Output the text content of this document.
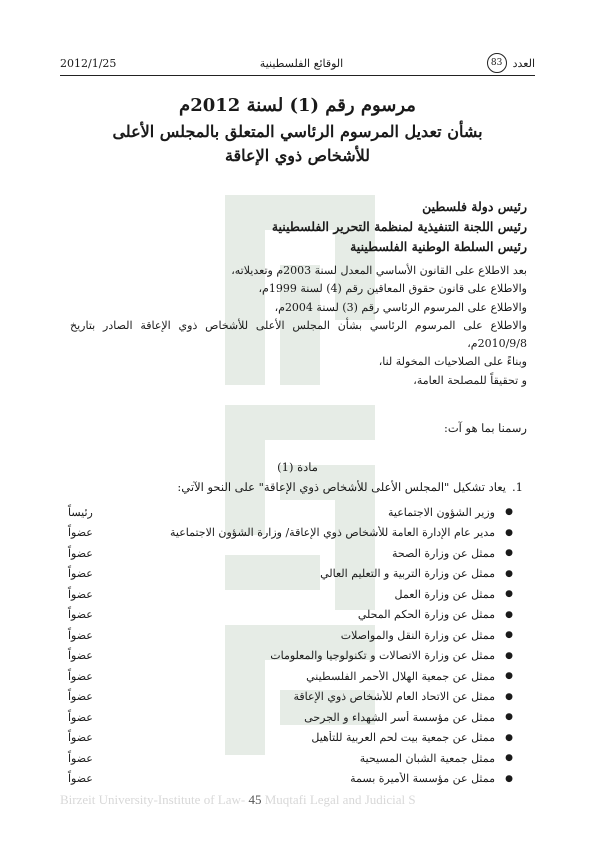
العدد
83
الوقائع الفلسطينية
2012/1/25
مرسوم رقم (1) لسنة 2012م
بشأن تعديل المرسوم الرئاسي المتعلق بالمجلس الأعلى
للأشخاص ذوي الإعاقة
رئيس دولة فلسطين
رئيس اللجنة التنفيذية لمنظمة التحرير الفلسطينية
رئيس السلطة الوطنية الفلسطينية
بعد الاطلاع على القانون الأساسي المعدل لسنة 2003م وتعديلاته،
والاطلاع على قانون حقوق المعاقين رقم (4) لسنة 1999م،
والاطلاع على المرسوم الرئاسي رقم (3) لسنة 2004م،
والاطلاع على المرسوم الرئاسي بشأن المجلس الأعلى للأشخاص ذوي الإعاقة الصادر بتاريخ 2010/9/8م،
وبناءً على الصلاحيات المخولة لنا،
و تحقيقاً للمصلحة العامة،
رسمنا بما هو آت:
مادة (1)
1.يعاد تشكيل "المجلس الأعلى للأشخاص ذوي الإعاقة" على النحو الآتي:
●
وزير الشؤون الاجتماعية
رئيساً
●
مدير عام الإدارة العامة للأشخاص ذوي الإعاقة/ وزارة الشؤون الاجتماعية
عضواً
●
ممثل عن وزارة الصحة
عضواً
●
ممثل عن وزارة التربية و التعليم العالي
عضواً
●
ممثل عن وزارة العمل
عضواً
●
ممثل عن وزارة الحكم المحلي
عضواً
●
ممثل عن وزارة النقل والمواصلات
عضواً
●
ممثل عن وزارة الاتصالات و تكنولوجيا والمعلومات
عضواً
●
ممثل عن جمعية الهلال الأحمر الفلسطيني
عضواً
●
ممثل عن الاتحاد العام للأشخاص ذوي الإعاقة
عضواً
●
ممثل عن مؤسسة أسر الشهداء و الجرحى
عضواً
●
ممثل عن جمعية بيت لحم العربية للتأهيل
عضواً
●
ممثل جمعية الشبان المسيحية
عضواً
●
ممثل عن مؤسسة الأميرة بسمة
عضواً
Birzeit University-Institute of Law- 45 Muqtafi Legal and Judicial S
